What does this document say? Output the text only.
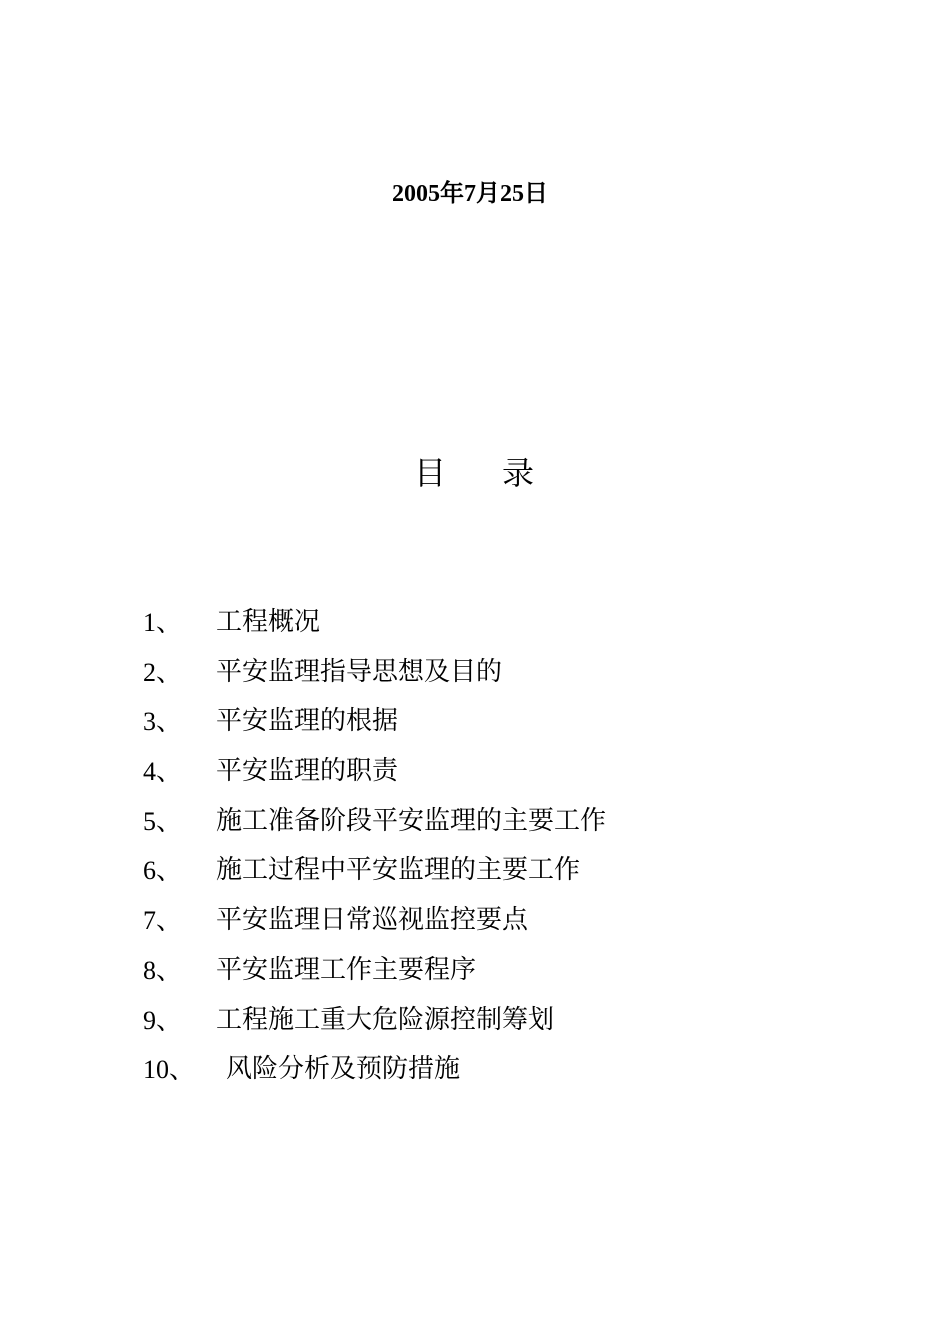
2005年7月25日
目 录
1、 工程概况
2、 平安监理指导思想及目的
3、 平安监理的根据
4、 平安监理的职责
5、 施工准备阶段平安监理的主要工作
6、 施工过程中平安监理的主要工作
7、 平安监理日常巡视监控要点
8、 平安监理工作主要程序
9、 工程施工重大危险源控制筹划
10、 风险分析及预防措施
